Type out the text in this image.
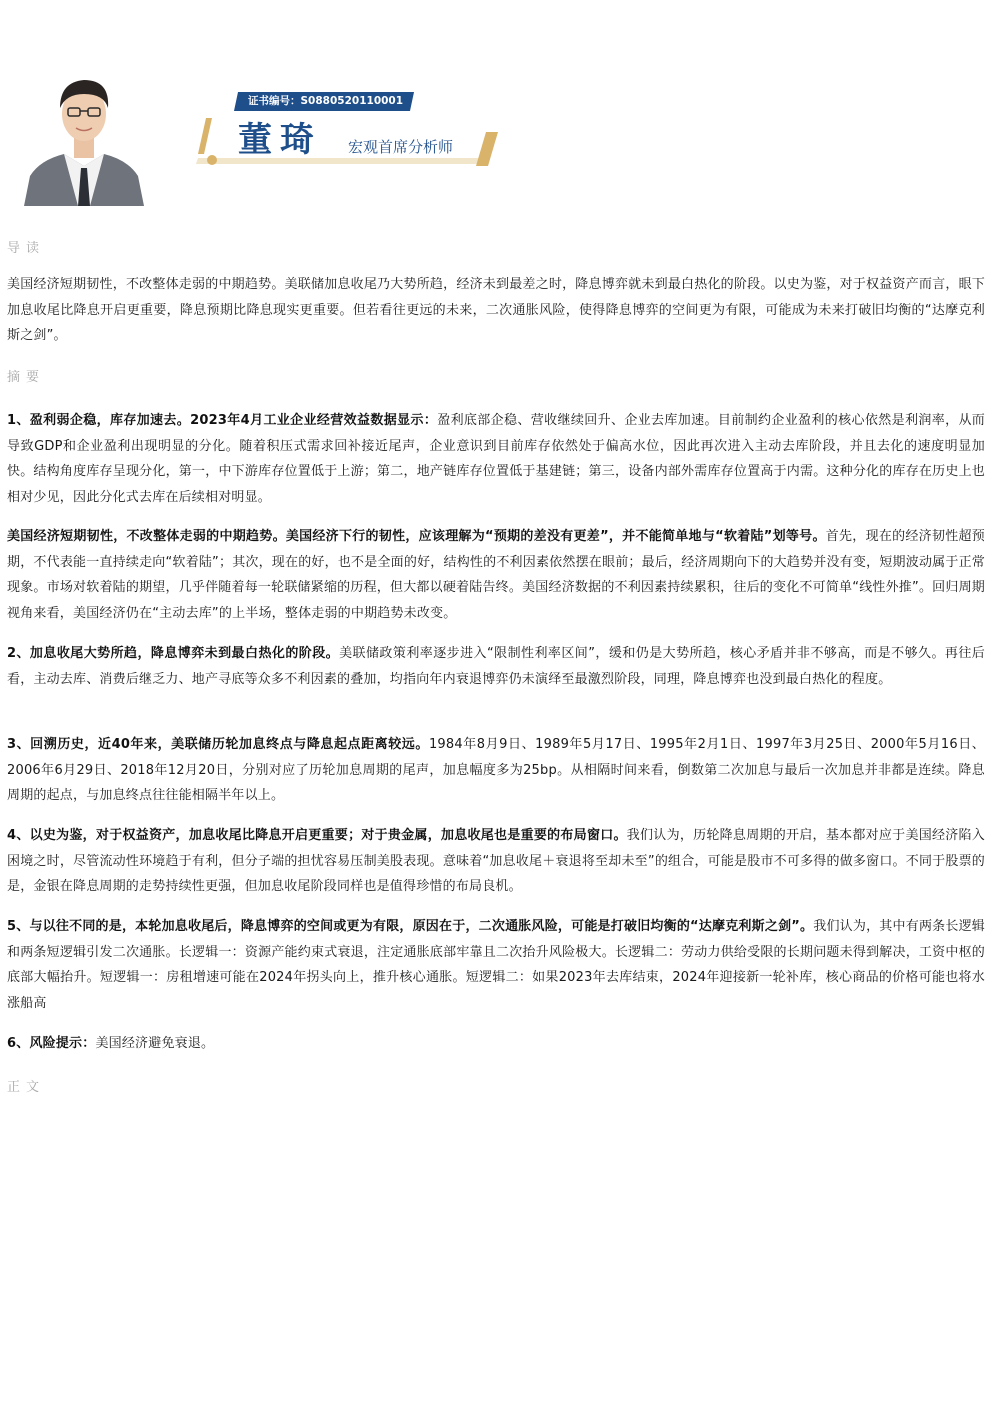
证书编号：S0880520110001
董琦 宏观首席分析师
导读
美国经济短期韧性，不改整体走弱的中期趋势。美联储加息收尾乃大势所趋，经济未到最差之时，降息博弈就未到最白热化的阶段。以史为鉴，对于权益资产而言，眼下加息收尾比降息开启更重要，降息预期比降息现实更重要。但若看往更远的未来，二次通胀风险，使得降息博弈的空间更为有限，可能成为未来打破旧均衡的“达摩克利斯之剑”。
摘要
1、盈利弱企稳，库存加速去。2023年4月工业企业经营效益数据显示：盈利底部企稳、营收继续回升、企业去库加速。目前制约企业盈利的核心依然是利润率，从而导致GDP和企业盈利出现明显的分化。随着积压式需求回补接近尾声，企业意识到目前库存依然处于偏高水位，因此再次进入主动去库阶段，并且去化的速度明显加快。结构角度库存呈现分化，第一，中下游库存位置低于上游；第二，地产链库存位置低于基建链；第三，设备内部外需库存位置高于内需。这种分化的库存在历史上也相对少见，因此分化式去库在后续相对明显。
美国经济短期韧性，不改整体走弱的中期趋势。美国经济下行的韧性，应该理解为“预期的差没有更差”，并不能简单地与“软着陆”划等号。首先，现在的经济韧性超预期，不代表能一直持续走向“软着陆”；其次，现在的好，也不是全面的好，结构性的不利因素依然摆在眼前；最后，经济周期向下的大趋势并没有变，短期波动属于正常现象。市场对软着陆的期望，几乎伴随着每一轮联储紧缩的历程，但大都以硬着陆告终。美国经济数据的不利因素持续累积，往后的变化不可简单“线性外推”。回归周期视角来看，美国经济仍在“主动去库”的上半场，整体走弱的中期趋势未改变。
2、加息收尾大势所趋，降息博弈未到最白热化的阶段。美联储政策利率逐步进入“限制性利率区间”，缓和仍是大势所趋，核心矛盾并非不够高，而是不够久。再往后看，主动去库、消费后继乏力、地产寻底等众多不利因素的叠加，均指向年内衰退博弈仍未演绎至最激烈阶段，同理，降息博弈也没到最白热化的程度。
3、回溯历史，近40年来，美联储历轮加息终点与降息起点距离较远。1984年8月9日、1989年5月17日、1995年2月1日、1997年3月25日、2000年5月16日、2006年6月29日、2018年12月20日，分别对应了历轮加息周期的尾声，加息幅度多为25bp。从相隔时间来看，倒数第二次加息与最后一次加息并非都是连续。降息周期的起点，与加息终点往往能相隔半年以上。
4、以史为鉴，对于权益资产，加息收尾比降息开启更重要；对于贵金属，加息收尾也是重要的布局窗口。我们认为，历轮降息周期的开启，基本都对应于美国经济陷入困境之时，尽管流动性环境趋于有利，但分子端的担忧容易压制美股表现。意味着“加息收尾＋衰退将至却未至”的组合，可能是股市不可多得的做多窗口。不同于股票的是，金银在降息周期的走势持续性更强，但加息收尾阶段同样也是值得珍惜的布局良机。
5、与以往不同的是，本轮加息收尾后，降息博弈的空间或更为有限，原因在于，二次通胀风险，可能是打破旧均衡的“达摩克利斯之剑”。我们认为，其中有两条长逻辑和两条短逻辑引发二次通胀。长逻辑一：资源产能约束式衰退，注定通胀底部牢靠且二次抬升风险极大。长逻辑二：劳动力供给受限的长期问题未得到解决，工资中枢的底部大幅抬升。短逻辑一：房租增速可能在2024年拐头向上，推升核心通胀。短逻辑二：如果2023年去库结束，2024年迎接新一轮补库，核心商品的价格可能也将水涨船高
6、风险提示：美国经济避免衰退。
正文
